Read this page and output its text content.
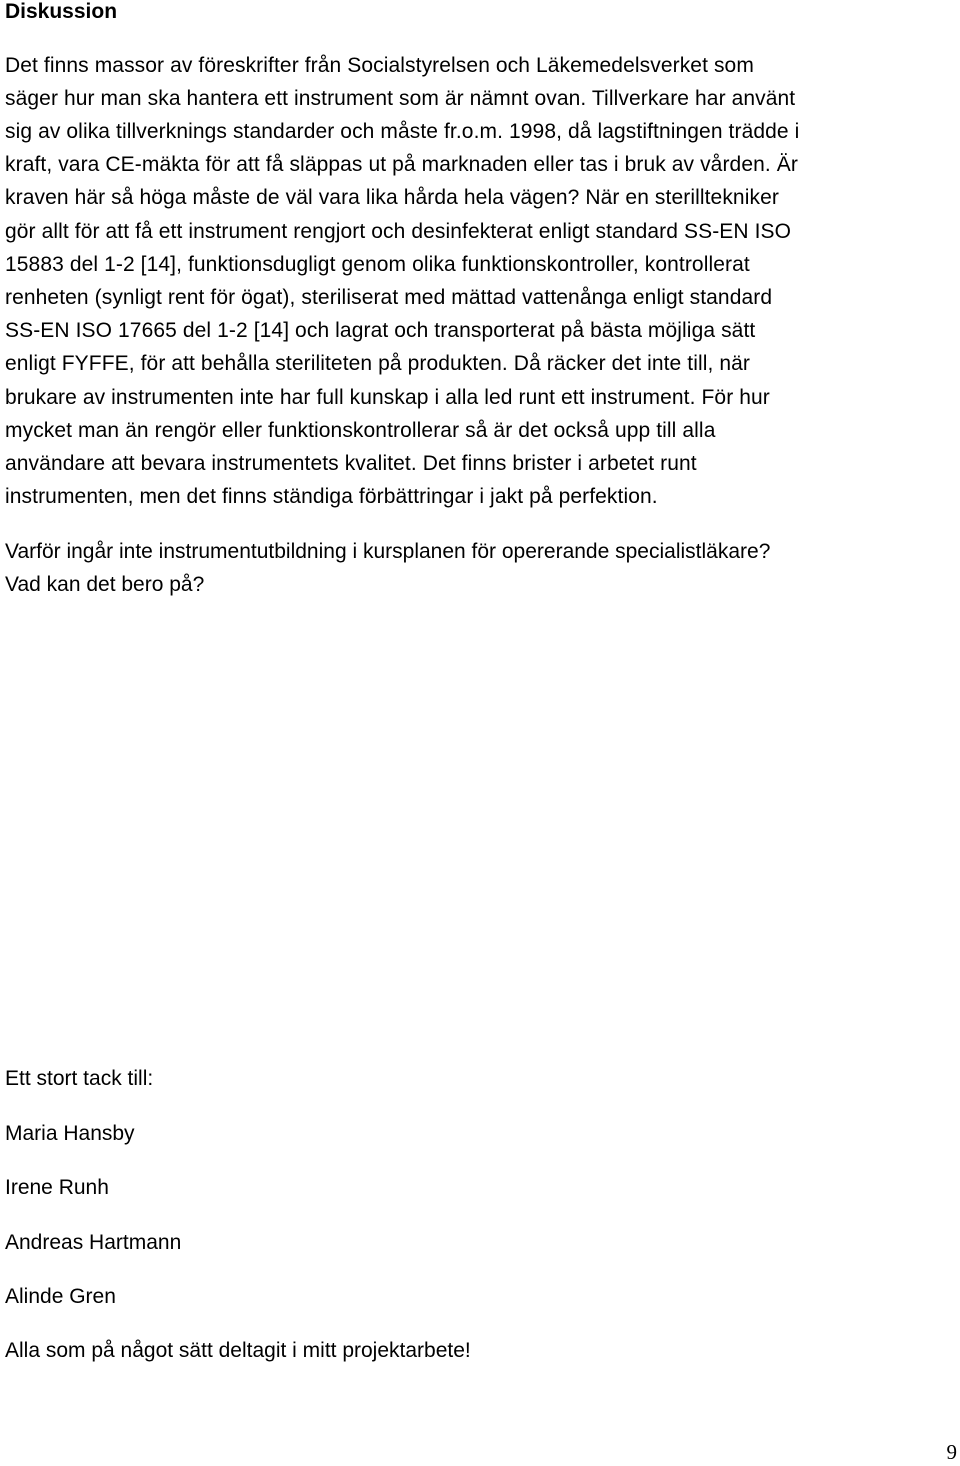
Diskussion
Det finns massor av föreskrifter från Socialstyrelsen och Läkemedelsverket som
säger hur man ska hantera ett instrument som är nämnt ovan. Tillverkare har använt
sig av olika tillverknings standarder och måste fr.o.m. 1998, då lagstiftningen trädde i
kraft, vara CE-mäkta för att få släppas ut på marknaden eller tas i bruk av vården. Är
kraven här så höga måste de väl vara lika hårda hela vägen? När en sterilltekniker
gör allt för att få ett instrument rengjort och desinfekterat enligt standard SS-EN ISO
15883 del 1-2 [14], funktionsdugligt genom olika funktionskontroller, kontrollerat
renheten (synligt rent för ögat), steriliserat med mättad vattenånga enligt standard
SS-EN ISO 17665 del 1-2 [14] och lagrat och transporterat på bästa möjliga sätt
enligt FYFFE, för att behålla steriliteten på produkten. Då räcker det inte till, när
brukare av instrumenten inte har full kunskap i alla led runt ett instrument. För hur
mycket man än rengör eller funktionskontrollerar så är det också upp till alla
användare att bevara instrumentets kvalitet. Det finns brister i arbetet runt
instrumenten, men det finns ständiga förbättringar i jakt på perfektion.
Varför ingår inte instrumentutbildning i kursplanen för opererande specialistläkare?
Vad kan det bero på?
Ett stort tack till:
Maria Hansby
Irene Runh
Andreas Hartmann
Alinde Gren
Alla som på något sätt deltagit i mitt projektarbete!
9
